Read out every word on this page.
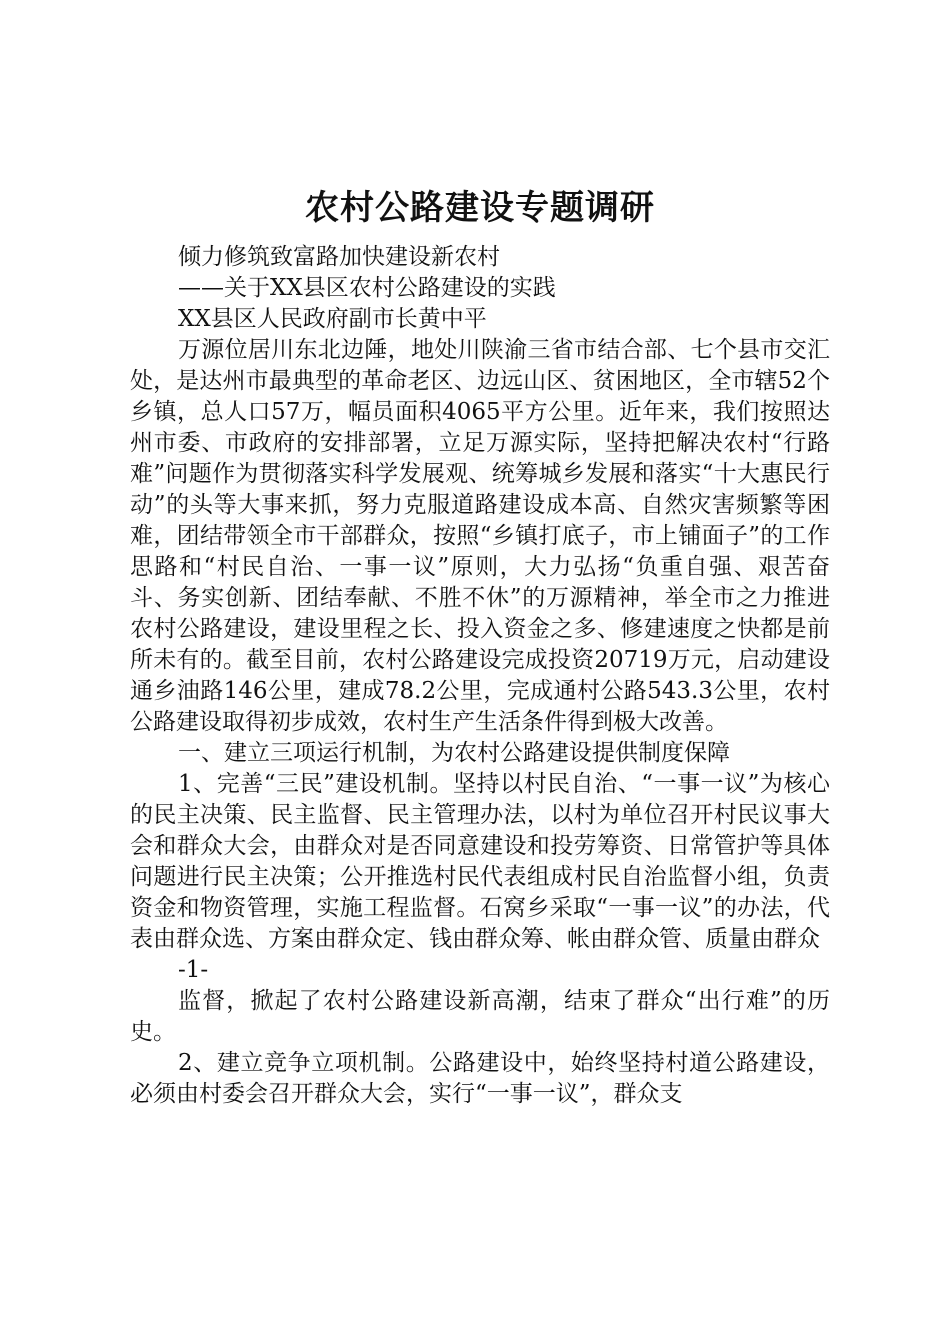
农村公路建设专题调研

倾力修筑致富路加快建设新农村

——关于XX县区农村公路建设的实践

XX县区人民政府副市长黄中平

万源位居川东北边陲，地处川陕渝三省市结合部、七个县市交汇处，是达州市最典型的革命老区、边远山区、贫困地区，全市辖52个乡镇，总人口57万，幅员面积4065平方公里。近年来，我们按照达州市委、市政府的安排部署，立足万源实际，坚持把解决农村“行路难”问题作为贯彻落实科学发展观、统筹城乡发展和落实“十大惠民行动”的头等大事来抓，努力克服道路建设成本高、自然灾害频繁等困难，团结带领全市干部群众，按照“乡镇打底子，市上铺面子”的工作思路和“村民自治、一事一议”原则，大力弘扬“负重自强、艰苦奋斗、务实创新、团结奉献、不胜不休”的万源精神，举全市之力推进农村公路建设，建设里程之长、投入资金之多、修建速度之快都是前所未有的。截至目前，农村公路建设完成投资20719万元，启动建设通乡油路146公里，建成78.2公里，完成通村公路543.3公里，农村公路建设取得初步成效，农村生产生活条件得到极大改善。

一、建立三项运行机制，为农村公路建设提供制度保障

1、完善“三民”建设机制。坚持以村民自治、“一事一议”为核心的民主决策、民主监督、民主管理办法，以村为单位召开村民议事大会和群众大会，由群众对是否同意建设和投劳筹资、日常管护等具体问题进行民主决策；公开推选村民代表组成村民自治监督小组，负责资金和物资管理，实施工程监督。石窝乡采取“一事一议”的办法，代表由群众选、方案由群众定、钱由群众筹、帐由群众管、质量由群众

-1-

监督，掀起了农村公路建设新高潮，结束了群众“出行难”的历史。

2、建立竞争立项机制。公路建设中，始终坚持村道公路建设，必须由村委会召开群众大会，实行“一事一议”，群众支
